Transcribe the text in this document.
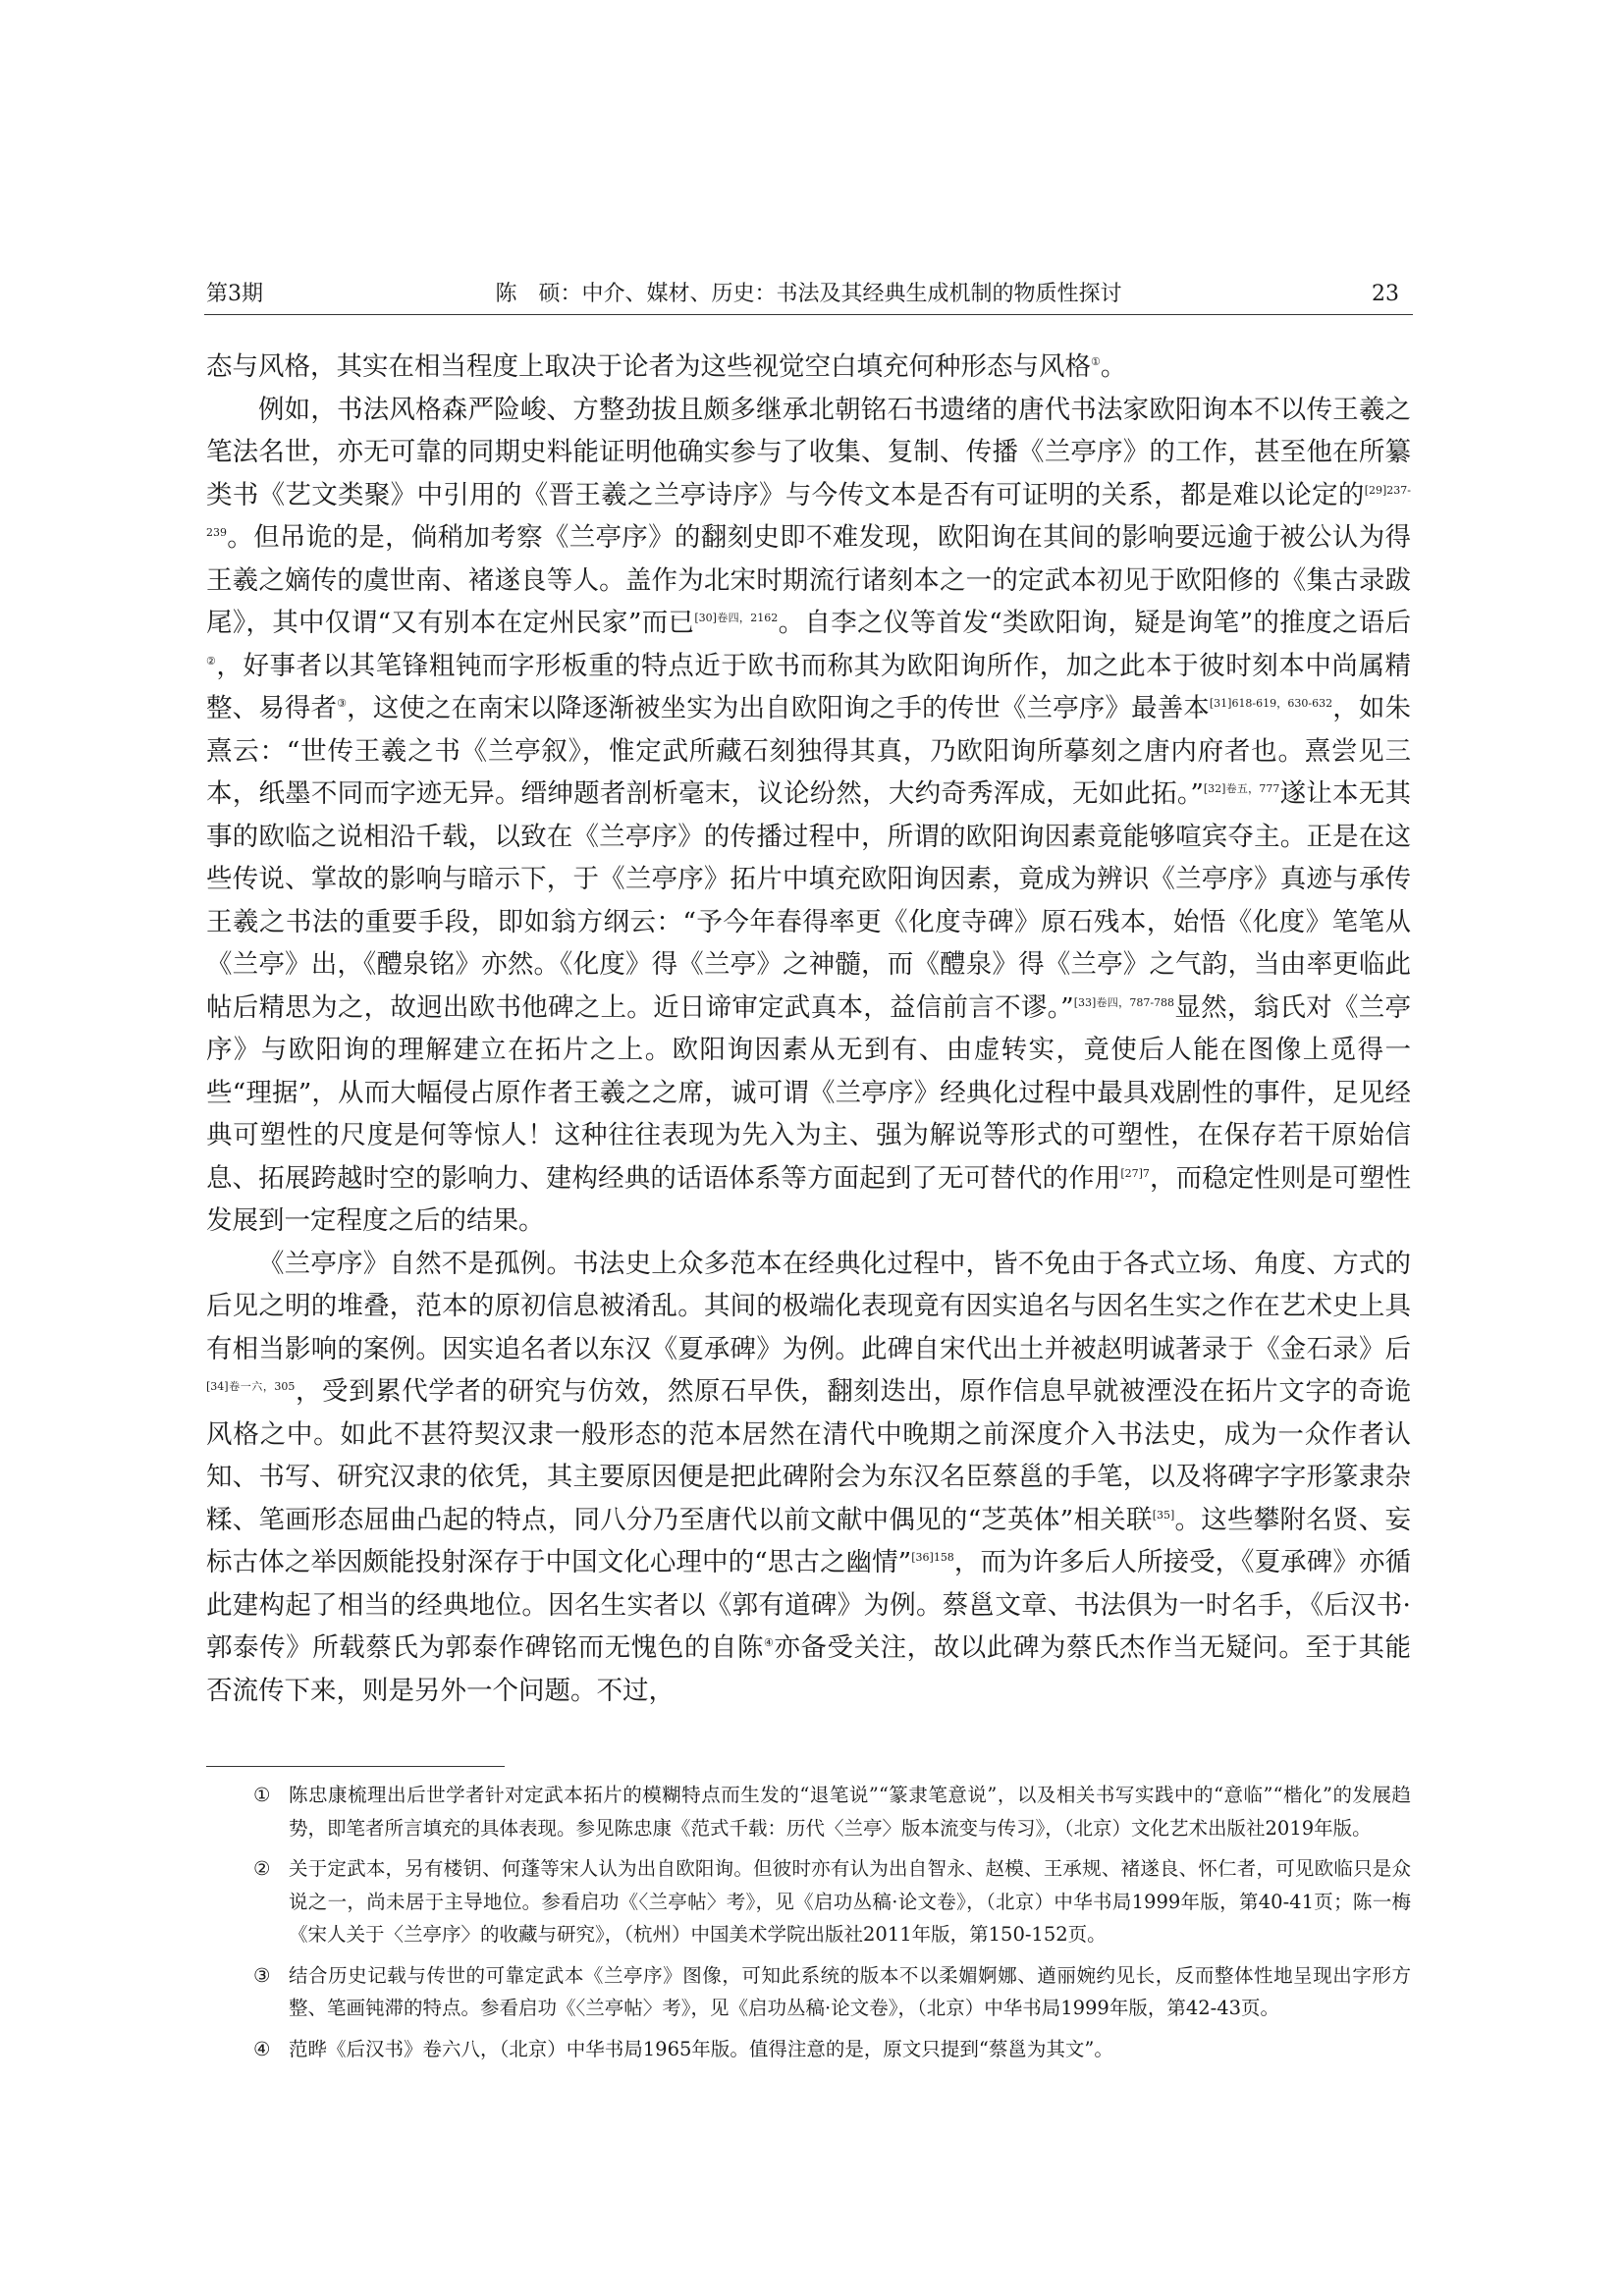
第3期	陈　硕：中介、媒材、历史：书法及其经典生成机制的物质性探讨	23

态与风格，其实在相当程度上取决于论者为这些视觉空白填充何种形态与风格①。

例如，书法风格森严险峻、方整劲拔且颇多继承北朝铭石书遗绪的唐代书法家欧阳询本不以传王羲之笔法名世，亦无可靠的同期史料能证明他确实参与了收集、复制、传播《兰亭序》的工作，甚至他在所纂类书《艺文类聚》中引用的《晋王羲之兰亭诗序》与今传文本是否有可证明的关系，都是难以论定的$^{[29]237-239}$。但吊诡的是，倘稍加考察《兰亭序》的翻刻史即不难发现，欧阳询在其间的影响要远逾于被公认为得王羲之嫡传的虞世南、褚遂良等人。盖作为北宋时期流行诸刻本之一的定武本初见于欧阳修的《集古录跋尾》，其中仅谓“又有别本在定州民家”而已$^{[30]卷四,2162}$。自李之仪等首发“类欧阳询，疑是询笔”的推度之语后②，好事者以其笔锋粗钝而字形板重的特点近于欧书而称其为欧阳询所作，加之此本于彼时刻本中尚属精整、易得者③，这使之在南宋以降逐渐被坐实为出自欧阳询之手的传世《兰亭序》最善本$^{[31]618-619,630-632}$，如朱熹云：“世传王羲之书《兰亭叙》，惟定武所藏石刻独得其真，乃欧阳询所摹刻之唐内府者也。熹尝见三本，纸墨不同而字迹无异。缙绅题者剖析毫末，议论纷然，大约奇秀浑成，无如此拓。”$^{[32]卷五,777}$遂让本无其事的欧临之说相沿千载，以致在《兰亭序》的传播过程中，所谓的欧阳询因素竟能够喧宾夺主。正是在这些传说、掌故的影响与暗示下，于《兰亭序》拓片中填充欧阳询因素，竟成为辨识《兰亭序》真迹与承传王羲之书法的重要手段，即如翁方纲云：“予今年春得率更《化度寺碑》原石残本，始悟《化度》笔笔从《兰亭》出，《醴泉铭》亦然。《化度》得《兰亭》之神髓，而《醴泉》得《兰亭》之气韵，当由率更临此帖后精思为之，故迥出欧书他碑之上。近日谛审定武真本，益信前言不谬。”$^{[33]卷四,787-788}$显然，翁氏对《兰亭序》与欧阳询的理解建立在拓片之上。欧阳询因素从无到有、由虚转实，竟使后人能在图像上觅得一些“理据”，从而大幅侵占原作者王羲之之席，诚可谓《兰亭序》经典化过程中最具戏剧性的事件，足见经典可塑性的尺度是何等惊人！这种往往表现为先入为主、强为解说等形式的可塑性，在保存若干原始信息、拓展跨越时空的影响力、建构经典的话语体系等方面起到了无可替代的作用$^{[27]7}$，而稳定性则是可塑性发展到一定程度之后的结果。

《兰亭序》自然不是孤例。书法史上众多范本在经典化过程中，皆不免由于各式立场、角度、方式的后见之明的堆叠，范本的原初信息被淆乱。其间的极端化表现竟有因实追名与因名生实之作在艺术史上具有相当影响的案例。因实追名者以东汉《夏承碑》为例。此碑自宋代出土并被赵明诚著录于《金石录》后$^{[34]卷一六,305}$，受到累代学者的研究与仿效，然原石早佚，翻刻迭出，原作信息早就被湮没在拓片文字的奇诡风格之中。如此不甚符契汉隶一般形态的范本居然在清代中晚期之前深度介入书法史，成为一众作者认知、书写、研究汉隶的依凭，其主要原因便是把此碑附会为东汉名臣蔡邕的手笔，以及将碑字字形篆隶杂糅、笔画形态屈曲凸起的特点，同八分乃至唐代以前文献中偶见的“芝英体”相关联[35]。这些攀附名贤、妄标古体之举因颇能投射深存于中国文化心理中的“思古之幽情”$^{[36]158}$，而为许多后人所接受，《夏承碑》亦循此建构起了相当的经典地位。因名生实者以《郭有道碑》为例。蔡邕文章、书法俱为一时名手，《后汉书·郭泰传》所载蔡氏为郭泰作碑铭而无愧色的自陈④亦备受关注，故以此碑为蔡氏杰作当无疑问。至于其能否流传下来，则是另外一个问题。不过，

① 陈忠康梳理出后世学者针对定武本拓片的模糊特点而生发的“退笔说”“篆隶笔意说”，以及相关书写实践中的“意临”“楷化”的发展趋势，即笔者所言填充的具体表现。参见陈忠康《范式千载：历代〈兰亭〉版本流变与传习》，（北京）文化艺术出版社2019年版。
② 关于定武本，另有楼钥、何蓬等宋人认为出自欧阳询。但彼时亦有认为出自智永、赵模、王承规、褚遂良、怀仁者，可见欧临只是众说之一，尚未居于主导地位。参看启功《〈兰亭帖〉考》，见《启功丛稿·论文卷》，（北京）中华书局1999年版，第40-41页；陈一梅《宋人关于〈兰亭序〉的收藏与研究》，（杭州）中国美术学院出版社2011年版，第150-152页。
③ 结合历史记载与传世的可靠定武本《兰亭序》图像，可知此系统的版本不以柔媚婀娜、遒丽婉约见长，反而整体性地呈现出字形方整、笔画钝滞的特点。参看启功《〈兰亭帖〉考》，见《启功丛稿·论文卷》，（北京）中华书局1999年版，第42-43页。
④ 范晔《后汉书》卷六八，（北京）中华书局1965年版。值得注意的是，原文只提到“蔡邕为其文”。
